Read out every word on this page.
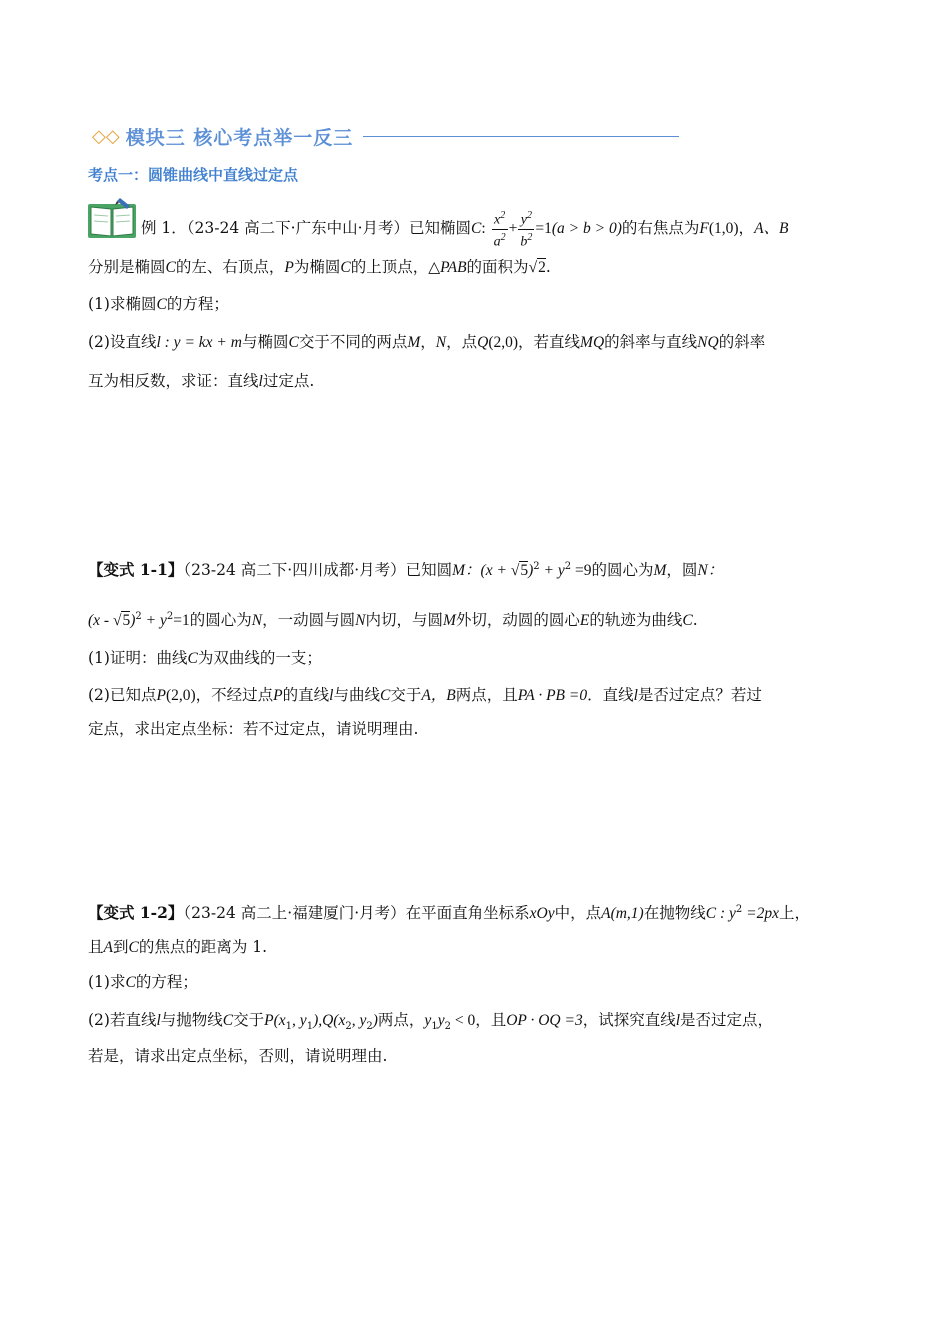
◇◇ 模块三 核心考点举一反三
考点一：圆锥曲线中直线过定点
例 1．（23-24 高二下·广东中山·月考）已知椭圆C: $\frac{x^2}{a^2} + \frac{y^2}{b^2} =1(a > b > 0)$的右焦点为F(1,0)，A、B
分别是椭圆C的左、右顶点，P为椭圆C的上顶点，△PAB的面积为√2.
(1)求椭圆C的方程；
(2)设直线l : y = kx + m与椭圆C交于不同的两点M，N，点Q(2,0)，若直线MQ的斜率与直线NQ的斜率
互为相反数，求证：直线l过定点.
【变式 1-1】（23-24 高二下·四川成都·月考）已知圆M：$(x + √5)^2 + y^2 =9$的圆心为M，圆N：
$(x - √5)^2 + y^2=1$的圆心为N，一动圆与圆N内切，与圆M外切，动圆的圆心E的轨迹为曲线C.
(1)证明：曲线C为双曲线的一支；
(2)已知点P(2,0)，不经过点P的直线l与曲线C交于A，B两点，且PA · PB =0．直线l是否过定点？若过
定点，求出定点坐标：若不过定点，请说明理由.
【变式 1-2】（23-24 高二上·福建厦门·月考）在平面直角坐标系xOy中，点A(m,1)在抛物线C : $y^2 =2px$上，
且A到C的焦点的距离为 1.
(1)求C的方程；
(2)若直线l与抛物线C交于$P(x_1$, $y_1),Q(x_2$, $y_2$)两点，$y_1y_2 < 0$，且OP · OQ =3，试探究直线l是否过定点，
若是，请求出定点坐标，否则，请说明理由.
